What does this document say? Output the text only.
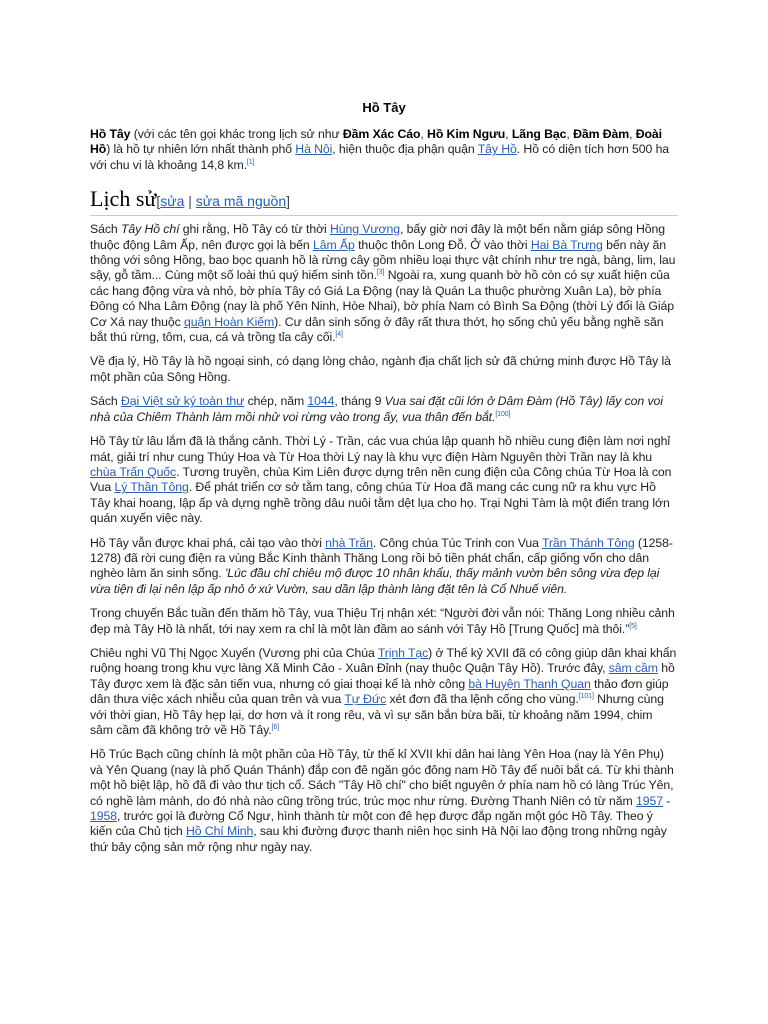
Hồ Tây

Hồ Tây (với các tên gọi khác trong lịch sử như Đầm Xác Cáo, Hồ Kim Ngưu, Lãng Bạc, Đầm Đàm, Đoài Hồ) là hồ tự nhiên lớn nhất thành phố Hà Nội, hiện thuộc địa phận quận Tây Hồ. Hồ có diện tích hơn 500 ha với chu vi là khoảng 14,8 km.[1]

Lịch sử[sửa | sửa mã nguồn]

Sách Tây Hồ chí ghi rằng, Hồ Tây có từ thời Hùng Vương, bấy giờ nơi đây là một bến nằm giáp sông Hồng thuộc động Lâm Ấp, nên được gọi là bến Lâm Ấp thuộc thôn Long Đỗ. Ở vào thời Hai Bà Trưng bến này ăn thông với sông Hồng, bao bọc quanh hồ là rừng cây gồm nhiều loại thực vật chính như tre ngà, bàng, lim, lau sậy, gỗ tầm... Cùng một số loài thú quý hiếm sinh tồn.[3] Ngoài ra, xung quanh bờ hồ còn có sự xuất hiện của các hang động vừa và nhỏ, bờ phía Tây có Giá La Động (nay là Quán La thuộc phường Xuân La), bờ phía Đông có Nha Lâm Động (nay là phố Yên Ninh, Hòe Nhai), bờ phía Nam có Bình Sa Động (thời Lý đổi là Giáp Cơ Xá nay thuộc quận Hoàn Kiếm). Cư dân sinh sống ở đây rất thưa thớt, họ sống chủ yếu bằng nghề săn bắt thú rừng, tôm, cua, cá và trồng tỉa cây cối.[4]

Về địa lý, Hồ Tây là hồ ngoại sinh, có dạng lòng chảo, ngành địa chất lịch sử đã chứng minh được Hồ Tây là một phần của Sông Hồng.

Sách Đại Việt sử ký toàn thư chép, năm 1044, tháng 9 Vua sai đặt cũi lớn ở Dâm Đàm (Hồ Tây) lấy con voi nhà của Chiêm Thành làm mồi nhử voi rừng vào trong ấy, vua thân đến bắt.[100]

Hồ Tây từ lâu lắm đã là thắng cảnh. Thời Lý - Trần, các vua chúa lập quanh hồ nhiều cung điện làm nơi nghỉ mát, giải trí như cung Thúy Hoa và Từ Hoa thời Lý nay là khu vực điện Hàm Nguyên thời Trần nay là khu chùa Trấn Quốc. Tương truyền, chùa Kim Liên được dựng trên nền cung điện của Công chúa Từ Hoa là con Vua Lý Thần Tông. Để phát triển cơ sở tằm tang, công chúa Từ Hoa đã mang các cung nữ ra khu vực Hồ Tây khai hoang, lập ấp và dựng nghề trồng dâu nuôi tằm dệt lụa cho họ. Trại Nghi Tàm là một điển trang lớn quán xuyến việc này.

Hồ Tây vẫn được khai phá, cải tạo vào thời nhà Trần. Công chúa Túc Trinh con Vua Trần Thánh Tông (1258-1278) đã rời cung điện ra vùng Bắc Kinh thành Thăng Long rồi bỏ tiền phát chẩn, cấp giống vốn cho dân nghèo làm ăn sinh sống. 'Lúc đầu chỉ chiêu mộ được 10 nhân khẩu, thấy mảnh vườn bên sông vừa đẹp lại vừa tiện đi lại nên lập ấp nhỏ ở xứ Vườn, sau dần lập thành làng đặt tên là Cổ Nhuế viên.

Trong chuyến Bắc tuần đến thăm hồ Tây, vua Thiệu Trị nhận xét: “Người đời vẫn nói: Thăng Long nhiều cảnh đẹp mà Tây Hồ là nhất, tới nay xem ra chỉ là một làn đầm ao sánh với Tây Hồ [Trung Quốc] mà thôi.”[5]

Chiêu nghi Vũ Thị Ngọc Xuyến (Vương phi của Chúa Trịnh Tạc) ở Thế kỷ XVII đã có công giúp dân khai khẩn ruộng hoang trong khu vực làng Xã Minh Cảo - Xuân Đỉnh (nay thuộc Quận Tây Hồ). Trước đây, sâm cầm hồ Tây được xem là đặc sản tiến vua, nhưng có giai thoại kể là nhờ công bà Huyện Thanh Quan thảo đơn giúp dân thưa việc xách nhiễu của quan trên và vua Tự Đức xét đơn đã tha lệnh cống cho vùng.[101] Nhưng cùng với thời gian, Hồ Tây hẹp lại, dơ hơn và ít rong rêu, và vì sự săn bắn bừa bãi, từ khoảng năm 1994, chim sâm cầm đã không trở về Hồ Tây.[6]

Hồ Trúc Bạch cũng chính là một phần của Hồ Tây, từ thế kỉ XVII khi dân hai làng Yên Hoa (nay là Yên Phụ) và Yên Quang (nay là phố Quán Thánh) đắp con đê ngăn góc đông nam Hồ Tây để nuôi bắt cá. Từ khi thành một hồ biệt lập, hồ đã đi vào thư tịch cổ. Sách "Tây Hồ chí" cho biết nguyên ở phía nam hồ có làng Trúc Yên, có nghề làm mành, do đó nhà nào cũng trồng trúc, trúc mọc như rừng. Đường Thanh Niên có từ năm 1957 - 1958, trước gọi là đường Cổ Ngư, hình thành từ một con đê hẹp được đắp ngăn một góc Hồ Tây. Theo ý kiến của Chủ tịch Hồ Chí Minh, sau khi đường được thanh niên học sinh Hà Nội lao động trong những ngày thứ bảy cộng sản mở rộng như ngày nay.
